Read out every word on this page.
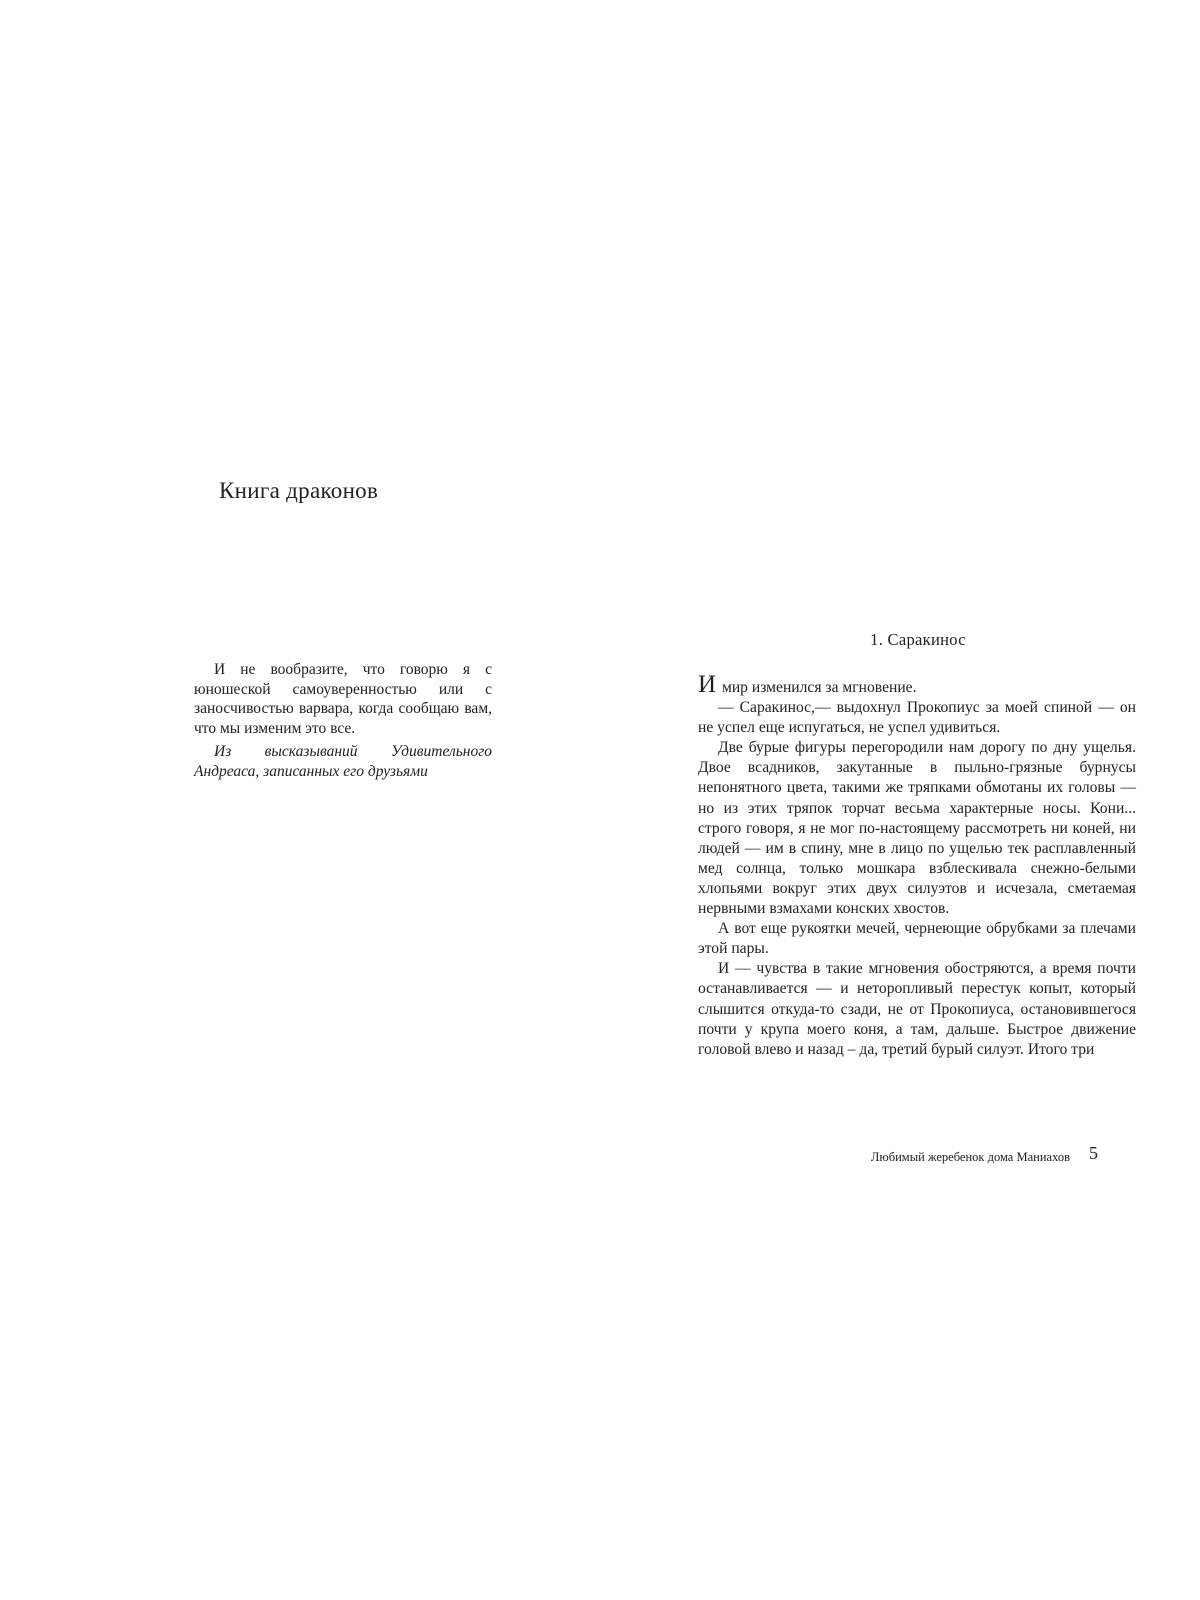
Книга драконов

И не вообразите, что говорю я с юношеской самоуверенностью или с заносчивостью варвара, когда сообщаю вам, что мы изменим это все.

Из высказываний Удивительного Андреаса, записанных его друзьями

1. Саракинос

И мир изменился за мгновение.

— Саракинос,— выдохнул Прокопиус за моей спиной — он не успел еще испугаться, не успел удивиться.

Две бурые фигуры перегородили нам дорогу по дну ущелья. Двое всадников, закутанные в пыльно-грязные бурнусы непонятного цвета, такими же тряпками обмотаны их головы — но из этих тряпок торчат весьма характерные носы. Кони... строго говоря, я не мог по-настоящему рассмотреть ни коней, ни людей — им в спину, мне в лицо по ущелью тек расплавленный мед солнца, только мошкара взблескивала снежно-белыми хлопьями вокруг этих двух силуэтов и исчезала, сметаемая нервными взмахами конских хвостов.

А вот еще рукоятки мечей, чернеющие обрубками за плечами этой пары.

И — чувства в такие мгновения обостряются, а время почти останавливается — и неторопливый перестук копыт, который слышится откуда-то сзади, не от Прокопиуса, остановившегося почти у крупа моего коня, а там, дальше. Быстрое движение головой влево и назад – да, третий бурый силуэт. Итого три

Любимый жеребенок дома Маниахов 5
